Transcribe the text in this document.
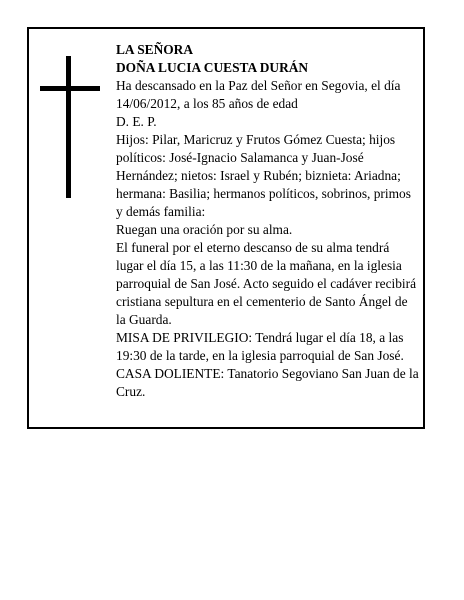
LA SEÑORA

DOÑA LUCIA CUESTA DURÁN

Ha descansado en la Paz del Señor en Segovia, el día 14/06/2012, a los 85 años de edad

D. E. P.

Hijos: Pilar, Maricruz y Frutos Gómez Cuesta; hijos políticos: José-Ignacio Salamanca y Juan-José Hernández; nietos: Israel y Rubén; biznieta: Ariadna; hermana: Basilia; hermanos políticos, sobrinos, primos y demás familia:

Ruegan una oración por su alma.

El funeral por el eterno descanso de su alma tendrá lugar el día 15, a las 11:30 de la mañana, en la iglesia parroquial de San José. Acto seguido el cadáver recibirá cristiana sepultura en el cementerio de Santo Ángel de la Guarda.

MISA DE PRIVILEGIO: Tendrá lugar el día 18, a las 19:30 de la tarde, en la iglesia parroquial de San José.

CASA DOLIENTE: Tanatorio Segoviano San Juan de la Cruz.
